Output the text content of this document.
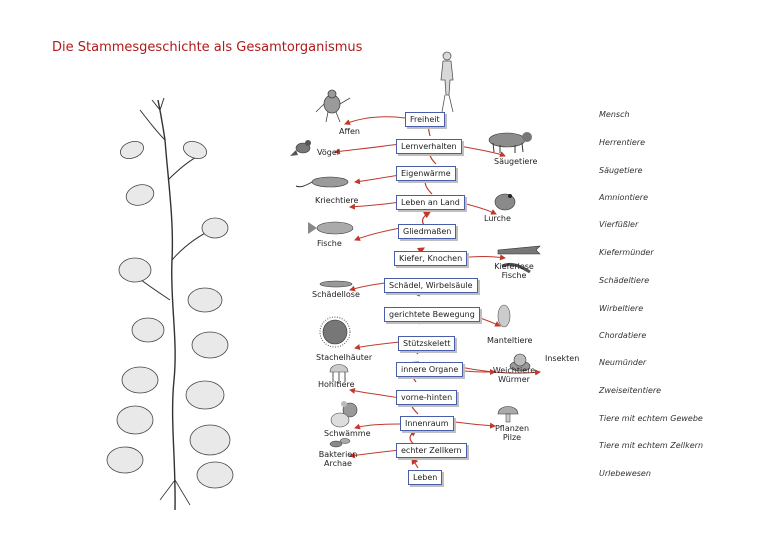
Die Stammesgeschichte als Gesamtorganismus
Freiheit
Lernverhalten
Eigenwärme
Leben an Land
Gliedmaßen
Kiefer, Knochen
Schädel, Wirbelsäule
gerichtete Bewegung
Stützskelett
innere Organe
vorne-hinten
Innenraum
echter Zellkern
Leben
Affen
Vögel
Säugetiere
Kriechtiere
Lurche
Fische
Kieferlose Fische
Schädellose
Manteltiere
Stachelhäuter	Insekten
Weichtiere Würmer
Hohltiere
Pflanzen Pilze
Schwämme
Bakterien Archae
Mensch
Herrentiere
Säugetiere
Amniontiere
Vierfüßler
Kiefermünder
Schädeltiere
Wirbeltiere
Chordatiere
Neumünder
Zweiseitentiere
Tiere mit echtem Gewebe
Tiere mit echtem Zellkern
Urlebewesen
